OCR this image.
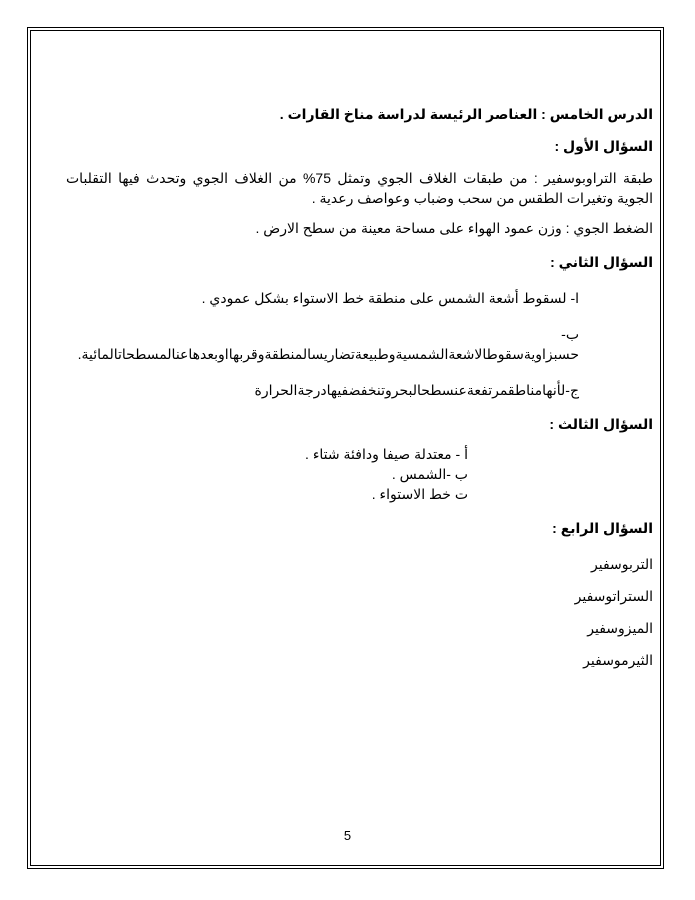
الدرس الخامس : العناصر الرئيسة لدراسة مناخ القارات .
السؤال الأول :
طبقة التراوبوسفير : من طبقات الغلاف الجوي وتمثل 75% من الغلاف الجوي وتحدث فيها التقلبات الجوية وتغيرات الطقس من سحب وضباب وعواصف رعدية .
الضغط الجوي : وزن عمود الهواء على مساحة معينة من سطح الارض .
السؤال الثاني :
ا- لسقوط أشعة الشمس على منطقة خط الاستواء بشكل عمودي .
ب- حسبزاويةسقوطالاشعةالشمسيةوطبيعةتضاريسالمنطقةوقربهااوبعدهاعنالمسطحاتالمائية.
ج-لأنهامناطقمرتفعةعنسطحالبحروتنخفضفيهادرجةالحرارة
السؤال الثالث :
أ - معتدلة صيفا ودافئة شتاء .
ب -الشمس .
ت خط الاستواء .
السؤال الرابع :
التربوسفير
الستراتوسفير
الميزوسفير
الثيرموسفير
5
